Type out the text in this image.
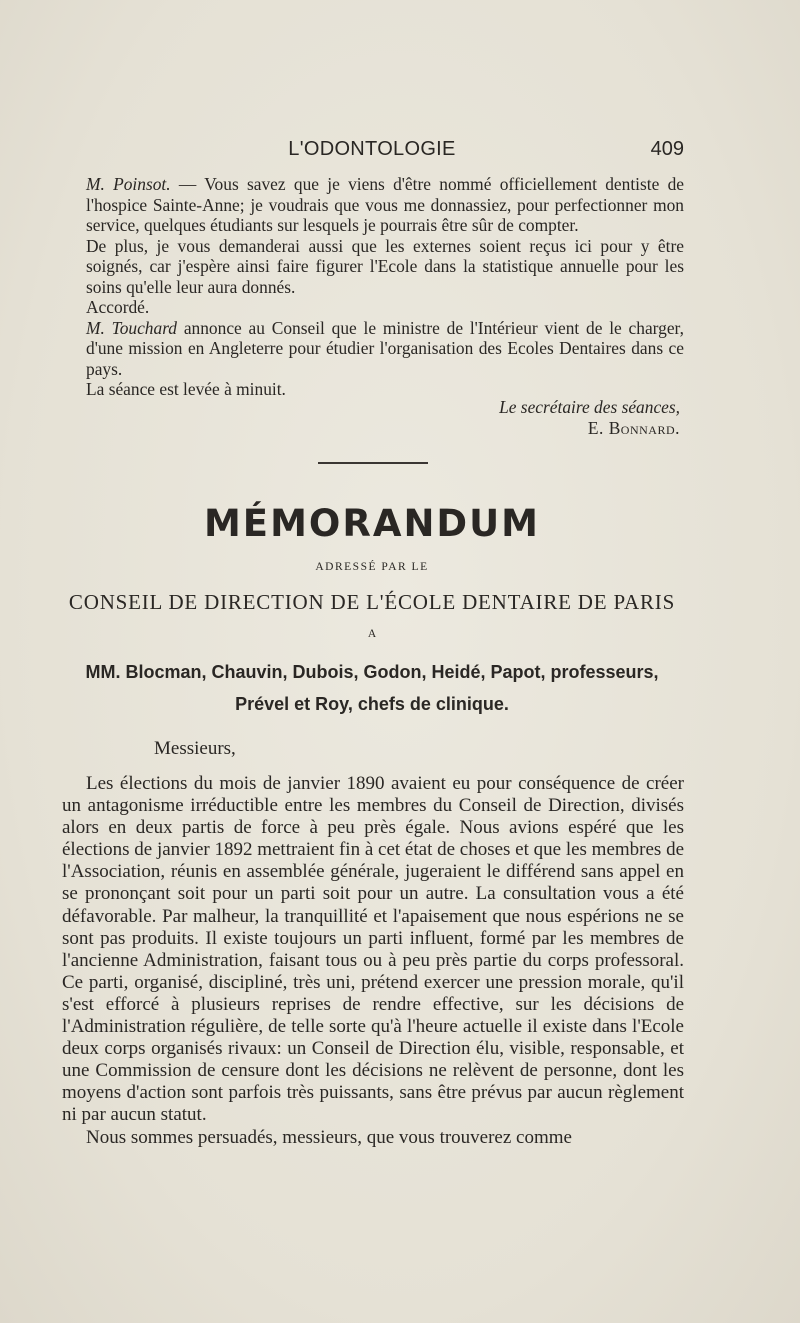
L'ODONTOLOGIE	409

M. Poinsot. — Vous savez que je viens d'être nommé officiellement dentiste de l'hospice Sainte-Anne; je voudrais que vous me donnassiez, pour perfectionner mon service, quelques étudiants sur lesquels je pourrais être sûr de compter.

De plus, je vous demanderai aussi que les externes soient reçus ici pour y être soignés, car j'espère ainsi faire figurer l'Ecole dans la statistique annuelle pour les soins qu'elle leur aura donnés.

Accordé.

M. Touchard annonce au Conseil que le ministre de l'Intérieur vient de le charger, d'une mission en Angleterre pour étudier l'organisation des Ecoles Dentaires dans ce pays.

La séance est levée à minuit.

Le secrétaire des séances,
E. Bonnard.
MÉMORANDUM
ADRESSÉ PAR LE
CONSEIL DE DIRECTION DE L'ÉCOLE DENTAIRE DE PARIS
A
MM. Blocman, Chauvin, Dubois, Godon, Heidé, Papot, professeurs,
Prével et Roy, chefs de clinique.
Messieurs,

Les élections du mois de janvier 1890 avaient eu pour conséquence de créer un antagonisme irréductible entre les membres du Conseil de Direction, divisés alors en deux partis de force à peu près égale. Nous avions espéré que les élections de janvier 1892 mettraient fin à cet état de choses et que les membres de l'Association, réunis en assemblée générale, jugeraient le différend sans appel en se prononçant soit pour un parti soit pour un autre. La consultation vous a été défavorable. Par malheur, la tranquillité et l'apaisement que nous espérions ne se sont pas produits. Il existe toujours un parti influent, formé par les membres de l'ancienne Administration, faisant tous ou à peu près partie du corps professoral. Ce parti, organisé, discipliné, très uni, prétend exercer une pression morale, qu'il s'est efforcé à plusieurs reprises de rendre effective, sur les décisions de l'Administration régulière, de telle sorte qu'à l'heure actuelle il existe dans l'Ecole deux corps organisés rivaux: un Conseil de Direction élu, visible, responsable, et une Commission de censure dont les décisions ne relèvent de personne, dont les moyens d'action sont parfois très puissants, sans être prévus par aucun règlement ni par aucun statut.

Nous sommes persuadés, messieurs, que vous trouverez comme
